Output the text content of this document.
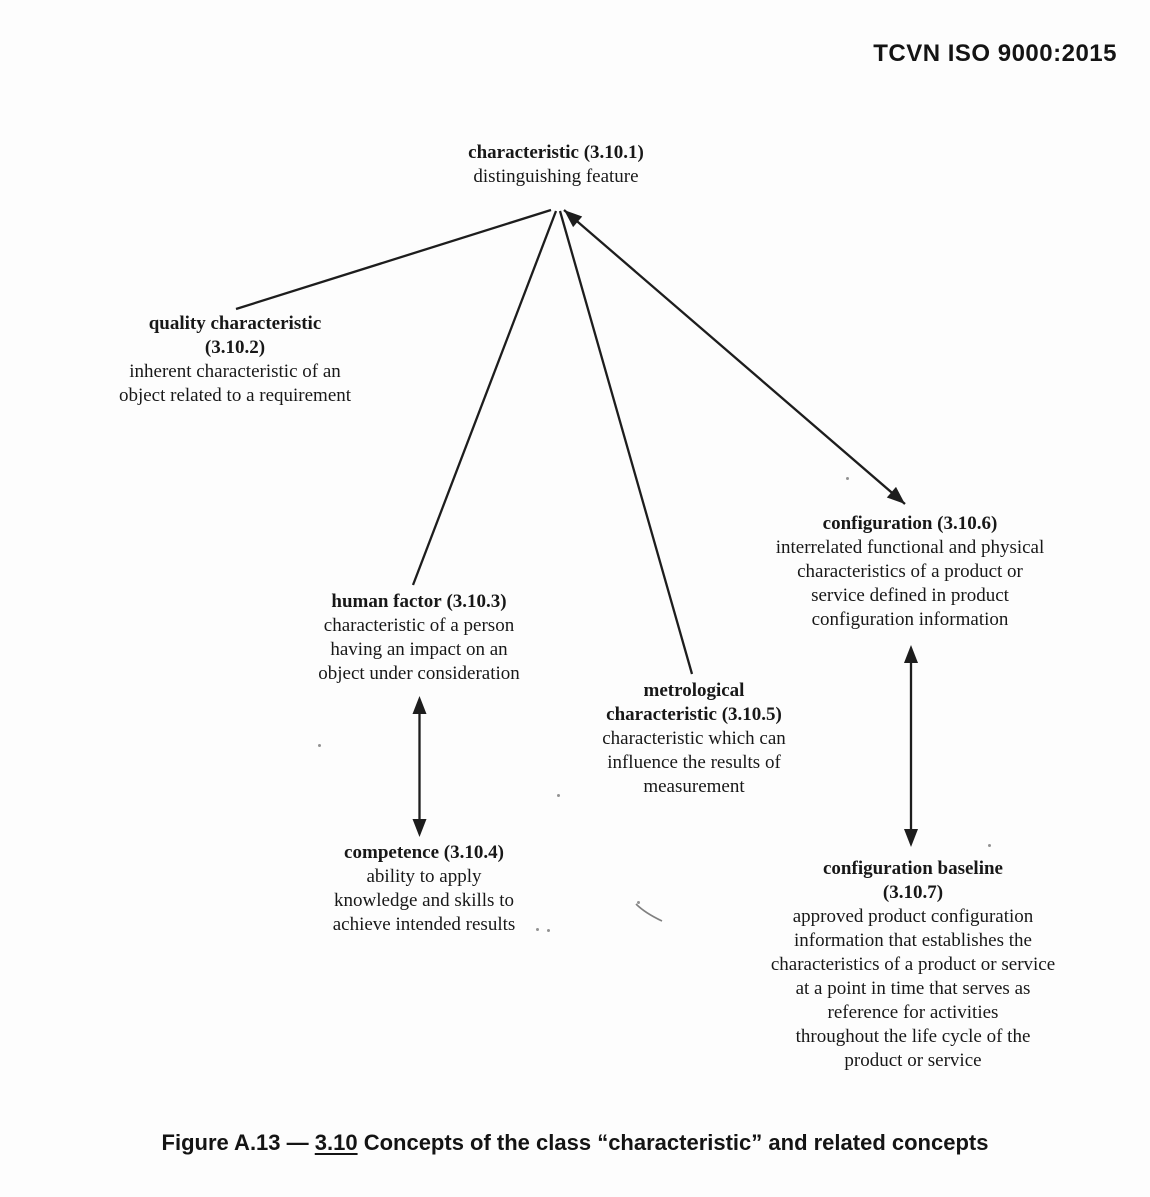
TCVN ISO 9000:2015
characteristic (3.10.1)
distinguishing feature
quality characteristic
(3.10.2)
inherent characteristic of an
object related to a requirement
human factor (3.10.3)
characteristic of a person
having an impact on an
object under consideration
competence (3.10.4)
ability to apply
knowledge and skills to
achieve intended results
metrological
characteristic (3.10.5)
characteristic which can
influence the results of
measurement
configuration (3.10.6)
interrelated functional and physical
characteristics of a product or
service defined in product
configuration information
configuration baseline
(3.10.7)
approved product configuration
information that establishes the
characteristics of a product or service
at a point in time that serves as
reference for activities
throughout the life cycle of the
product or service
Figure A.13 — 3.10 Concepts of the class “characteristic” and related concepts
